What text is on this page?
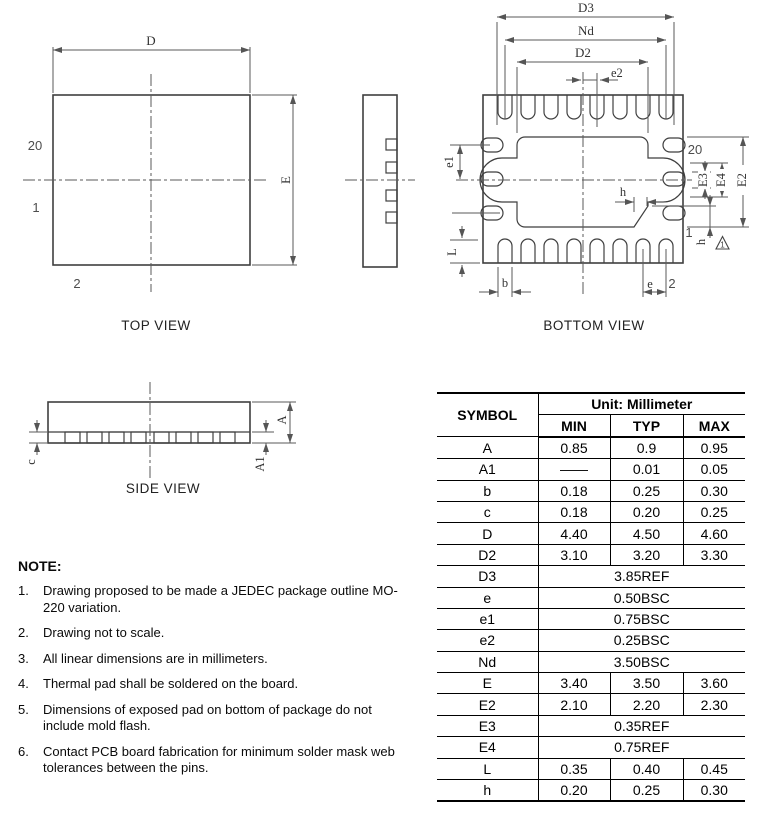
D
E
20
1
2
TOP VIEW
D3
Nd
D2
e2
e1
L
b	e
h
E2
E4
E3
h
20
1
2
1
BOTTOM VIEW
c
A
A1
SIDE VIEW

NOTE:

1.	Drawing proposed to be made a JEDEC package outline MO-220 variation.
2.	Drawing not to scale.
3.	All linear dimensions are in millimeters.
4.	Thermal pad shall be soldered on the board.
5.	Dimensions of exposed pad on bottom of package do not include mold flash.
6.	Contact PCB board fabrication for minimum solder mask web tolerances between the pins.
SYMBOL	Unit: Millimeter		
	MIN	TYP	MAX
A	0.85	0.9	0.95
A1	——	0.01	0.05
b	0.18	0.25	0.30
c	0.18	0.20	0.25
D	4.40	4.50	4.60
D2	3.10	3.20	3.30
D3	3.85REF		
e	0.50BSC		
e1	0.75BSC		
e2	0.25BSC		
Nd	3.50BSC		
E	3.40	3.50	3.60
E2	2.10	2.20	2.30
E3	0.35REF		
E4	0.75REF		
L	0.35	0.40	0.45
h	0.20	0.25	0.30
